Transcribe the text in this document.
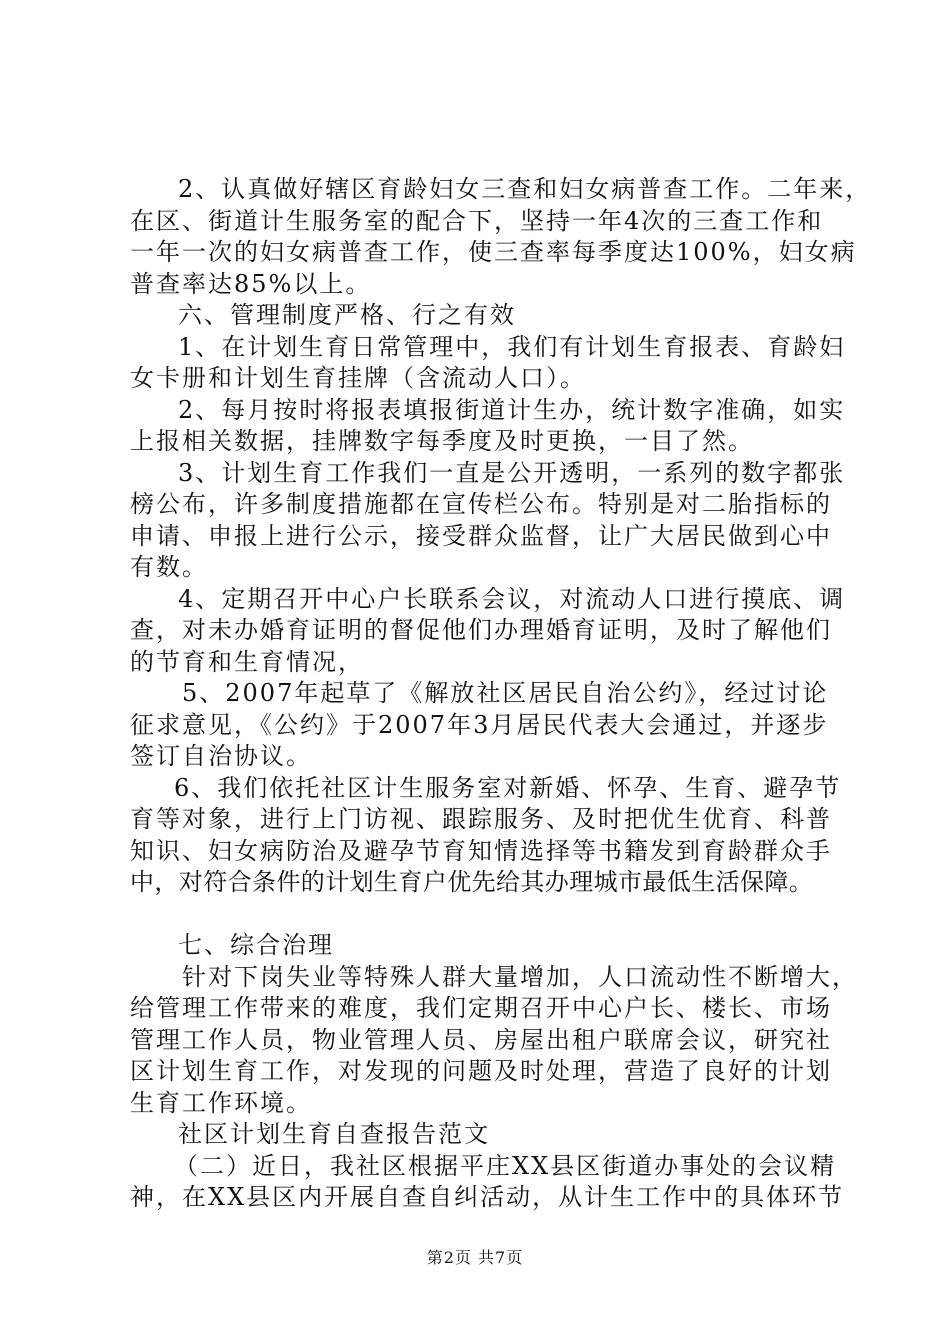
2、认真做好辖区育龄妇女三查和妇女病普查工作。二年来，
在区、街道计生服务室的配合下，坚持一年4次的三查工作和
一年一次的妇女病普查工作，使三查率每季度达100%，妇女病
普查率达85%以上。
六、管理制度严格、行之有效
1、在计划生育日常管理中，我们有计划生育报表、育龄妇
女卡册和计划生育挂牌（含流动人口）。
2、每月按时将报表填报街道计生办，统计数字准确，如实
上报相关数据，挂牌数字每季度及时更换，一目了然。
3、计划生育工作我们一直是公开透明，一系列的数字都张
榜公布，许多制度措施都在宣传栏公布。特别是对二胎指标的
申请、申报上进行公示，接受群众监督，让广大居民做到心中
有数。
4、定期召开中心户长联系会议，对流动人口进行摸底、调
查，对未办婚育证明的督促他们办理婚育证明，及时了解他们
的节育和生育情况，
5、2007年起草了《解放社区居民自治公约》，经过讨论
征求意见，《公约》于2007年3月居民代表大会通过，并逐步
签订自治协议。
6、我们依托社区计生服务室对新婚、怀孕、生育、避孕节
育等对象，进行上门访视、跟踪服务、及时把优生优育、科普
知识、妇女病防治及避孕节育知情选择等书籍发到育龄群众手
中，对符合条件的计划生育户优先给其办理城市最低生活保障。
七、综合治理
针对下岗失业等特殊人群大量增加，人口流动性不断增大，
给管理工作带来的难度，我们定期召开中心户长、楼长、市场
管理工作人员，物业管理人员、房屋出租户联席会议，研究社
区计划生育工作，对发现的问题及时处理，营造了良好的计划
生育工作环境。
社区计划生育自查报告范文
（二）近日，我社区根据平庄XX县区街道办事处的会议精
神，在XX县区内开展自查自纠活动，从计生工作中的具体环节
第2页 共7页
